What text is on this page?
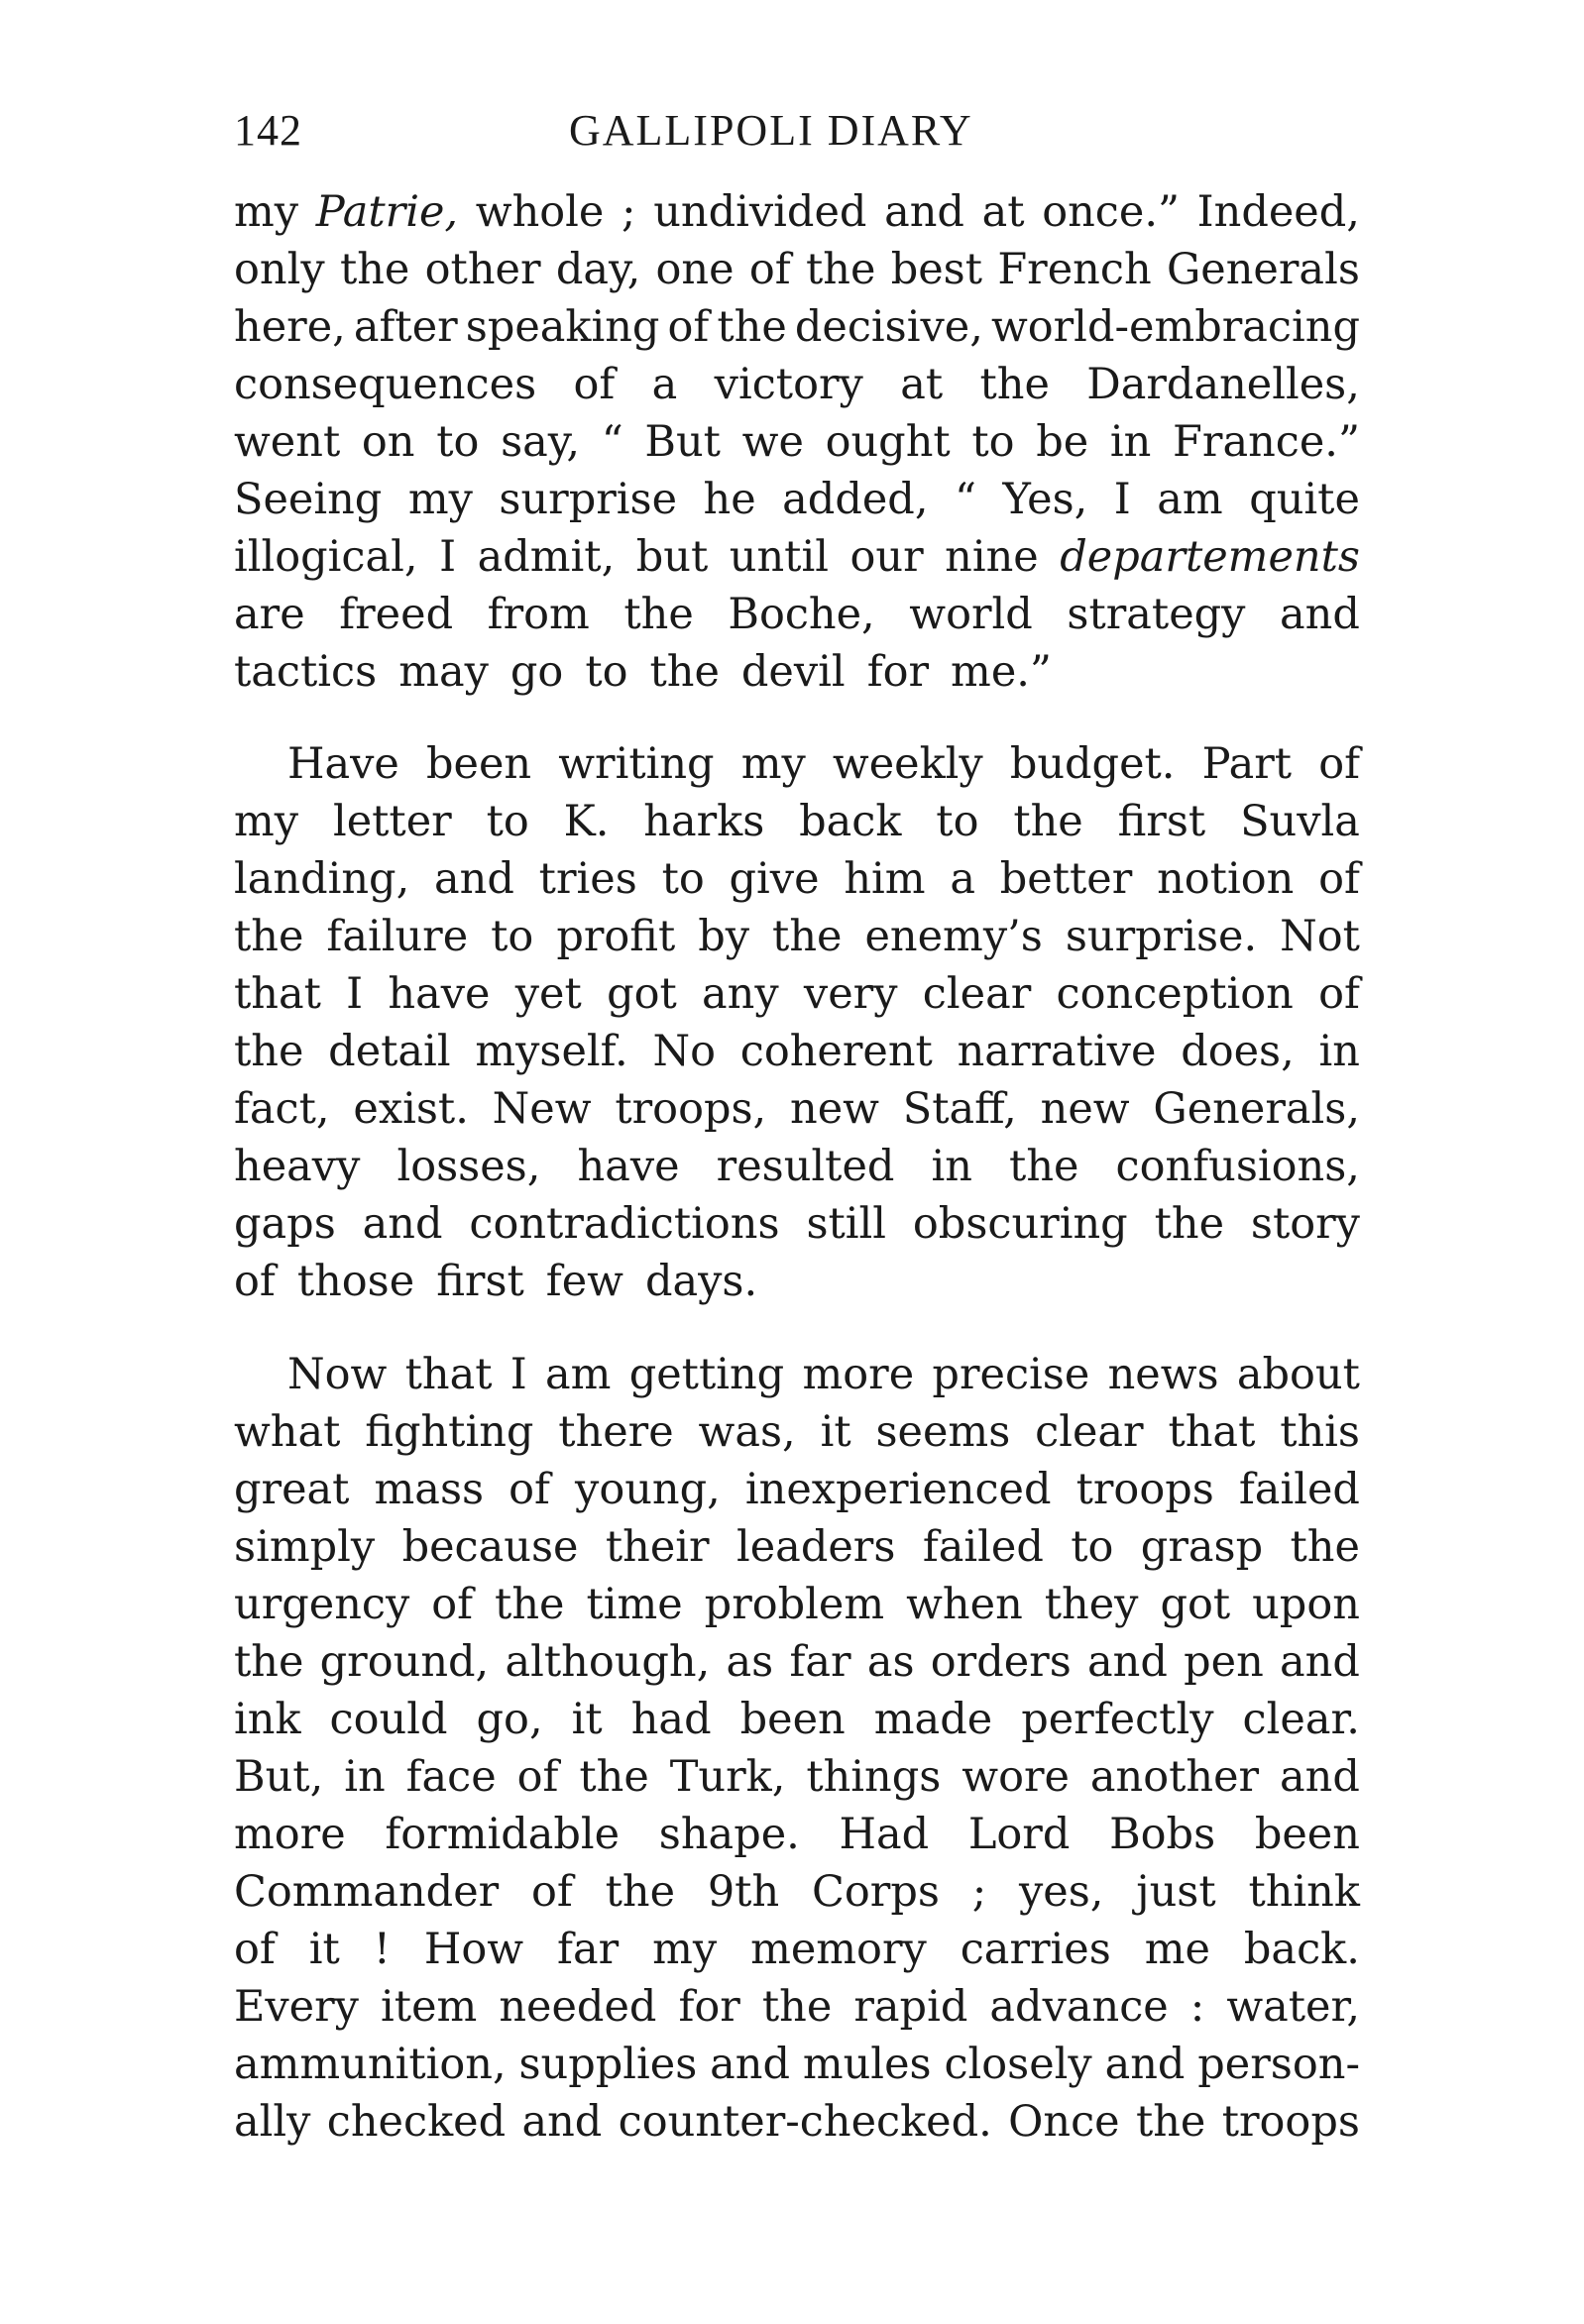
142	GALLIPOLI DIARY
my Patrie, whole ; undivided and at once.” Indeed,
only the other day, one of the best French Generals
here, after speaking of the decisive, world-embracing
consequences of a victory at the Dardanelles,
went on to say, “ But we ought to be in France.”
Seeing my surprise he added, “ Yes, I am quite
illogical, I admit, but until our nine departements
are freed from the Boche, world strategy and
tactics may go to the devil for me.”
Have been writing my weekly budget. Part of
my letter to K. harks back to the first Suvla
landing, and tries to give him a better notion of
the failure to profit by the enemy’s surprise. Not
that I have yet got any very clear conception of
the detail myself. No coherent narrative does, in
fact, exist. New troops, new Staff, new Generals,
heavy losses, have resulted in the confusions,
gaps and contradictions still obscuring the story
of those first few days.
Now that I am getting more precise news about
what fighting there was, it seems clear that this
great mass of young, inexperienced troops failed
simply because their leaders failed to grasp the
urgency of the time problem when they got upon
the ground, although, as far as orders and pen and
ink could go, it had been made perfectly clear.
But, in face of the Turk, things wore another and
more formidable shape. Had Lord Bobs been
Commander of the 9th Corps ; yes, just think
of it ! How far my memory carries me back.
Every item needed for the rapid advance : water,
ammunition, supplies and mules closely and person-
ally checked and counter-checked. Once the troops
